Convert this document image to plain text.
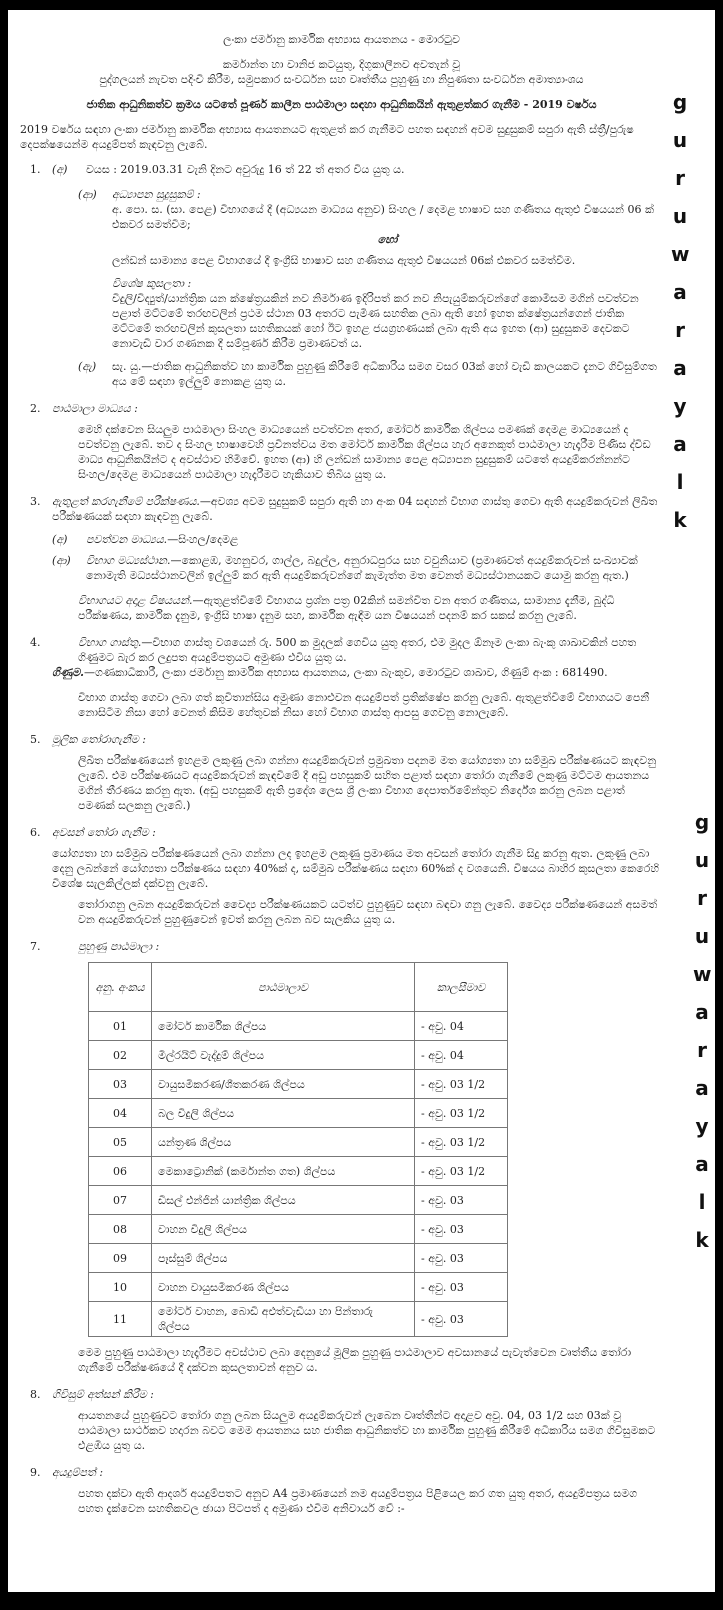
ලංකා ජර්මානු කාර්මික අභ්‍යාස ආයතනය - මොරටුව
කර්මාන්ත හා වානිජ කටයුතු, දිගුකාලීනව අවතැන් වූ
පුද්ගලයන් නැවත පදිංචි කිරීම, සමුපකාර සංවර්ධන සහ වෘත්තීය පුහුණු හා නිපුණතා සංවර්ධන අමාත්‍යාංශය
ජාතික ආධුනිකත්ව ක්‍රමය යටතේ පූර්ණ කාලීන පාඨමාලා සඳහා ආධුනිකයින් ඇතුළත්කර ගැනීම - 2019 වර්ෂය
2019 වර්ෂය සඳහා ලංකා ජර්මානු කාර්මික අභ්‍යාස ආයතනයට ඇතුළත් කර ගැනීමට පහත සඳහන් අවම සුදුසුකම් සපුරා ඇති ස්ත්‍රී/පුරුෂ දෙපක්ෂයෙන්ම අයදුම්පත් කැඳවනු ලැබේ.
1.	(අ) වයස : 2019.03.31 වැනි දිනට අවුරුදු 16 ත් 22 ත් අතර විය යුතු ය.
(ආ) අධ්‍යාපන සුදුසුකම් :
අ. පො. ස. (සා. පෙළ) විභාගයේ දී (අධ්‍යයන මාධ්‍යය අනුව) සිංහල / දෙමළ භාෂාව සහ ගණිතය ඇතුළු විෂයයන් 06 ක් එකවර සමත්වීම;
හෝ
ලන්ඩන් සාමාන්‍ය පෙළ විභාගයේ දී ඉංග්‍රීසි භාෂාව සහ ගණිතය ඇතුළු විෂයයන් 06ක් එකවර සමත්වීම.
විශේෂ කුසලතා :
විදුලි/විද්‍යුත්/යාන්ත්‍රික යන ක්ෂේත්‍රයකින් නව නිර්මාණ ඉදිරිපත් කර නව නිපැයුම්කරුවන්ගේ කොමිසම මගින් පවත්වන පළාත් මට්ටමේ තරඟවලින් ප්‍රථම ස්ථාන 03 අතරට පැමිණ සහතික ලබා ඇති හෝ ඉහත ක්ෂේත්‍රයන්ගෙන් ජාතික මට්ටමේ තරඟවලින් කුසලතා සහතිකයක් හෝ ඊට ඉහළ ජයග්‍රහණයක් ලබා ඇති අය ඉහත (ආ) සුදුසුකම දෙවකට නොවැඩි වාර ගණනක දී සම්පූර්ණ කිරීම ප්‍රමාණවත් ය.
(ඇ) සැ. යු.—ජාතික ආධුනිකත්ව හා කාර්මික පුහුණු කිරීමේ අධිකාරිය සමග වසර 03ක් හෝ වැඩි කාලයකට දැනට ගිවිසුම්ගත අය මේ සඳහා ඉල්ලුම් නොකළ යුතු ය.
2.	පාඨමාලා මාධ්‍යය :
මෙහි දක්වෙන සියලුම පාඨමාලා සිංහල මාධ්‍යයෙන් පවත්වන අතර, මෝටර් කාර්මික ශිල්පය පමණක් දෙමළ මාධ්‍යයෙන් ද පවත්වනු ලැබේ. තව ද සිංහල භාෂාවෙහි ප්‍රවීනත්වය මත මෝටර් කාර්මික ශිල්පය හැර අනෙකුත් පාඨමාලා හැදෑරීම පිණිස ද්විඩ මාධ්‍ය ආධුනිකයින්ට ද අවස්ථාව හිමිවේ. ඉහත (ආ) හි ලන්ඩන් සාමාන්‍ය පෙළ අධ්‍යාපන සුදුසුකම් යටතේ අයදුම්කරන්නන්ට සිංහල/දෙමළ මාධ්‍යයෙන් පාඨමාලා හැදෑරීමට හැකියාව තිබිය යුතු ය.
3.	ඇතුළත් කරගැනීමේ පරීක්ෂණය.—අවශ්‍ය අවම සුදුසුකම් සපුරා ඇති හා අංක 04 සඳහන් විභාග ගාස්තු ගෙවා ඇති අයදුම්කරුවන් ලිඛිත පරීක්ෂණයක් සඳහා කැඳවනු ලැබේ.
(අ) පවත්වන මාධ්‍යය.—සිංහල/දෙමළ
(ආ) විභාග මධ්‍යස්ථාන.—කොළඹ, මහනුවර, ගාල්ල, බදුල්ල, අනුරාධපුරය සහ වවුනියාව (ප්‍රමාණවත් අයදුම්කරුවන් සංඛ්‍යාවක් නොමැති මධ්‍යස්ථානවලින් ඉල්ලුම් කර ඇති අයදුම්කරුවන්ගේ කැමැත්ත මත වෙනත් මධ්‍යස්ථානයකට යොමු කරනු ඇත.)
විභාගයට අදාළ විෂයයන්.—ඇතුළත්වීමේ විභාගය ප්‍රශ්න පත්‍ර 02කින් සමන්විත වන අතර ගණිතය, සාමාන්‍ය දැනීම, බුද්ධි පරීක්ෂණය, කාර්මික දැනුම, ඉංග්‍රීසි භාෂා දැනුම සහ, කාර්මික ඇඳීම යන විෂයයන් පදනම් කර සකස් කරනු ලැබේ.
4.	විභාග ගාස්තු.—විභාග ගාස්තු වශයෙන් රු. 500 ක මුදලක් ගෙවිය යුතු අතර, එම මුදල ඕනෑම ලංකා බැංකු ශාඛාවකින් පහත ගිණුමට බැර කර ලදුපත අයදුම්පත්‍රයට අමුණා එවිය යුතු ය.
ගිණුම.—ගණකාධිකාරී, ලංකා ජර්මානු කාර්මික අභ්‍යාස ආයතනය, ලංකා බැංකුව, මොරටුව ශාඛාව, ගිණුම් අංක : 681490.
විභාග ගාස්තු ගෙවා ලබා ගත් කුවිතාන්සිය අමුණා නොඑවන අයදුම්පත් ප්‍රතික්ෂේප කරනු ලැබේ. ඇතුළත්වීමේ විභාගයට පෙනී නොසිටීම නිසා හෝ වෙනත් කිසිම හේතුවක් නිසා හෝ විභාග ගාස්තු ආපසු ගෙවනු නොලැබේ.
5.	මූලික තෝරාගැනීම :
ලිඛිත පරීක්ෂණයෙන් ඉහළම ලකුණු ලබා ගන්නා අයදුම්කරුවන් ප්‍රමුඛතා පදනම මත යෝග්‍යතා හා සම්මුඛ පරීක්ෂණයට කැඳවනු ලැබේ. එම පරීක්ෂණයට අයදුම්කරුවන් කැඳවීමේ දී අඩු පහසුකම් සහිත පළාත් සඳහා තෝරා ගැනීමේ ලකුණු මට්ටම ආයතනය මගින් තීරණය කරනු ඇත. (අඩු පහසුකම් ඇති ප්‍රදේශ ලෙස ශ්‍රී ලංකා විභාග දෙපාර්තමේන්තුව නිර්දේශ කරනු ලබන පළාත් පමණක් සලකනු ලැබේ.)
6.	අවසන් තෝරා ගැනීම :
යෝග්‍යතා හා සම්මුඛ පරීක්ෂණයෙන් ලබා ගන්නා ලද ඉහළම ලකුණු ප්‍රමාණය මත අවසන් තෝරා ගැනීම සිදු කරනු ඇත. ලකුණු ලබා දෙනු ලබන්නේ යෝග්‍යතා පරීක්ෂණය සඳහා 40%ක් ද, සම්මුඛ පරීක්ෂණය සඳහා 60%ක් ද වශයෙනි. විෂයය බාහිර කුසලතා කෙරෙහි විශේෂ සැලකිල්ලක් දක්වනු ලැබේ.
තෝරාගනු ලබන අයදුම්කරුවන් වෛද්‍ය පරීක්ෂණයකට යටත්ව පුහුණුව සඳහා බඳවා ගනු ලැබේ. වෛද්‍ය පරීක්ෂණයෙන් අසමත් වන අයදුම්කරුවන් පුහුණුවෙන් ඉවත් කරනු ලබන බව සැලකිය යුතු ය.
7.	පුහුණු පාඨමාලා :
අනු. අංකය	පාඨමාලාව	කාලසීමාව
01	මෝටර් කාර්මික ශිල්පය	- අවු. 04
02	මිල්රයිට් වැද්දුම් ශිල්පය	- අවු. 04
03	වායුසමීකරණ/ශීතකරණ ශිල්පය	- අවු. 03 1/2
04	බල විදුලි ශිල්පය	- අවු. 03 1/2
05	යන්ත්‍රණ ශිල්පය	- අවු. 03 1/2
06	මෙකාට්‍රොනික් (කර්මාන්ත ගත) ශිල්පය	- අවු. 03 1/2
07	ඩීසල් එන්ජින් යාන්ත්‍රික ශිල්පය	- අවු. 03
08	වාහන විදුලි ශිල්පය	- අවු. 03
09	පෑස්සුම් ශිල්පය	- අවු. 03
10	වාහන වායුසමීකරණ ශිල්පය	- අවු. 03
11	මෝටර් වාහන, බොඩි අළුත්වැඩියා හා පින්තාරු ශිල්පය	- අවු. 03
මෙම පුහුණු පාඨමාලා හැදෑරීමට අවස්ථාව ලබා දෙනුයේ මූලික පුහුණු පාඨමාලාව අවසානයේ පැවැත්වෙන වෘත්තීය තෝරා ගැනීමේ පරීක්ෂණයේ දී දක්වන කුසලතාවන් අනුව ය.
8.	ගිවිසුම් අත්සන් කිරීම :
ආයතනයේ පුහුණුවට තෝරා ගනු ලබන සියලුම අයදුම්කරුවන් ලැබෙන වෘත්තීන්ට අදාළව අවු. 04, 03 1/2 සහ 03ක් වූ පාඨමාලා සාර්ථකව හදාරන බවට මෙම ආයතනය සහ ජාතික ආධුනිකත්ව හා කාර්මික පුහුණු කිරීමේ අධිකාරිය සමග ගිවිසුමකට එළඹිය යුතු ය.
9.	අයදුම්පත් :
පහත දක්වා ඇති ආදර්ශ අයදුම්පතට අනුව A4 ප්‍රමාණයෙන් නම අයදුම්පත්‍රය පිළියෙල කර ගත යුතු අතර, අයදුම්පත්‍රය සමග පහත දැක්වෙන සහතිකවල ඡායා පිටපත් ද අමුණා එවීම අනිවාර්ය වේ :-
g
u
r
u
w
a
r
a
y
a
l
k
g
u
r
u
w
a
r
a
y
a
l
k
